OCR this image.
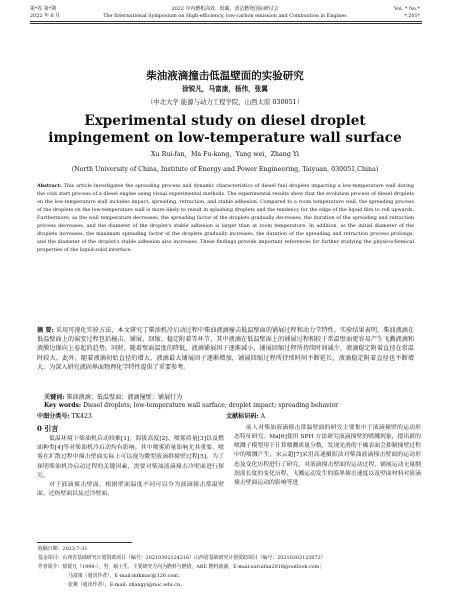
第*卷 第*期
2022 年 6 月
2022 年内燃机高效、低碳、清洁燃烧国际研讨会
The International Symposium on High-efficiency, low-carbon emission and Combustion in Engines
Vol. * No.*
*.201*
柴油液滴撞击低温壁面的实验研究
徐锐凡，马富康，杨伟，张翼
（中北大学 能源与动力工程学院，山西太原 030051）
Experimental study on diesel droplet impingement on low-temperature wall surface
Xu Rui-fan，Ma Fu-kang，Yang wei，Zhang Yi
(North University of China, Institute of Energy and Power Engineering, Taiyuan, 030051,China)
Abstract: This article investigates the spreading process and dynamic characteristics of diesel fuel droplets impacting a low-temperature wall during the cold start process of a diesel engine using visual experimental methods. The experimental results show that the evolution process of diesel droplets on the low-temperature wall includes impact, spreading, retraction, and stable adhesion. Compared to a room temperature wall, the spreading process of the droplets on the low-temperature wall is more likely to result in splashing droplets and the tendency for the edge of the liquid film to roll upwards. Furthermore, as the wall temperature decreases, the spreading factor of the droplets gradually decreases, the duration of the spreading and retraction process decreases, and the diameter of the droplet's stable adhesion is larger than at room temperature. In addition, as the initial diameter of the droplets increases, the maximum spreading factor of the droplets gradually increases, the duration of the spreading and retraction process prolongs, and the diameter of the droplet's stable adhesion also increases. These findings provide important references for further studying the physicochemical properties of the liquid-solid interface.
摘 要: 采用可视化实验方法，本文研究了柴油机冷启动过程中柴油液滴撞击低温壁面的铺展过程和动力学特性。实验结果表明，柴油液滴在低温壁面上的演变过程包括撞击、铺展、回缩、稳定附着等环节，其中液滴在低温壁面上的铺展过程相较于常温壁面更容易产生飞溅液滴和液膜边缘向上卷起的趋势。同时，随着壁面温度的降低，液滴铺展因子逐渐减小，铺展回缩过程所持续时间减少，液滴稳定附着直径在常温时较大。此外，随着液滴初始直径的增大，液滴最大铺展因子逐渐增加，铺展回缩过程所持续时间不断延长，液滴稳定附着直径也不断增大。为深入研究液固界面物理化学特性提供了重要参考。
关键词: 柴油液滴；低温壁面；液滴撞壁；铺展行为
Key words: Diesel droplets; low-temperature wall surface; droplet impact; spreading behavior
中图分类号: TK423	文献标识码: A
0 引言

低温环境下柴油机启动较难[1]，海拔高度[2]、喷雾质量[3]以及燃油种类[4]等对柴油机冷启动均有影响。其中喷雾质量影响尤其重要，喷雾在扩散过程中撞击壁面实际上可以视为微型液滴群撞壁过程[5]。为了探明柴油机冷启动过程的关键因素，需要对柴油液滴撞击冷壁面进行探究。

对于液滴撞击壁面，根据壁面温度不同可以分为液滴撞击常温壁面、过热壁面以及过冷壁面。

前人对柴油液滴撞击常温壁面的研究主要集中于液滴撞壁的运动形态特征研究。Ma[6]使用 SPH 方法研究液滴撞壁的喷溅现象，提出新的喷溅子模型用于计算喷溅质量分数，发现光滑的干燥表面会抑制撞壁过程中的喷溅产生。宋云超[7]采用高速摄影法对柴油液滴撞击壁面的运动形态及变化历程进行了研究，对液滴撞击壁面的运动过程、铺展运动无量纲润湿长度的变化历程、飞溅运动发生的临界撞击速度以及壁面材料对液滴撞击壁面运动的影响等进

收稿日期：2023-7-31
基金项目：山西省基础研究计划资助项目（编号：20210302124216）山西省基础研究计划资助项目（编号：20210302123072）
作者简介：徐锐凡（1998-），男，硕士生，主要研究方向为燃料与燃烧，ABE 燃料液滴，E-mail:xuruifan2018@outlook.com；
马富康（通讯作者），E-mail:mfkmac@126.com；
张翼（通讯作者），E-mail: zhangyi@nuc.edu.cn。
